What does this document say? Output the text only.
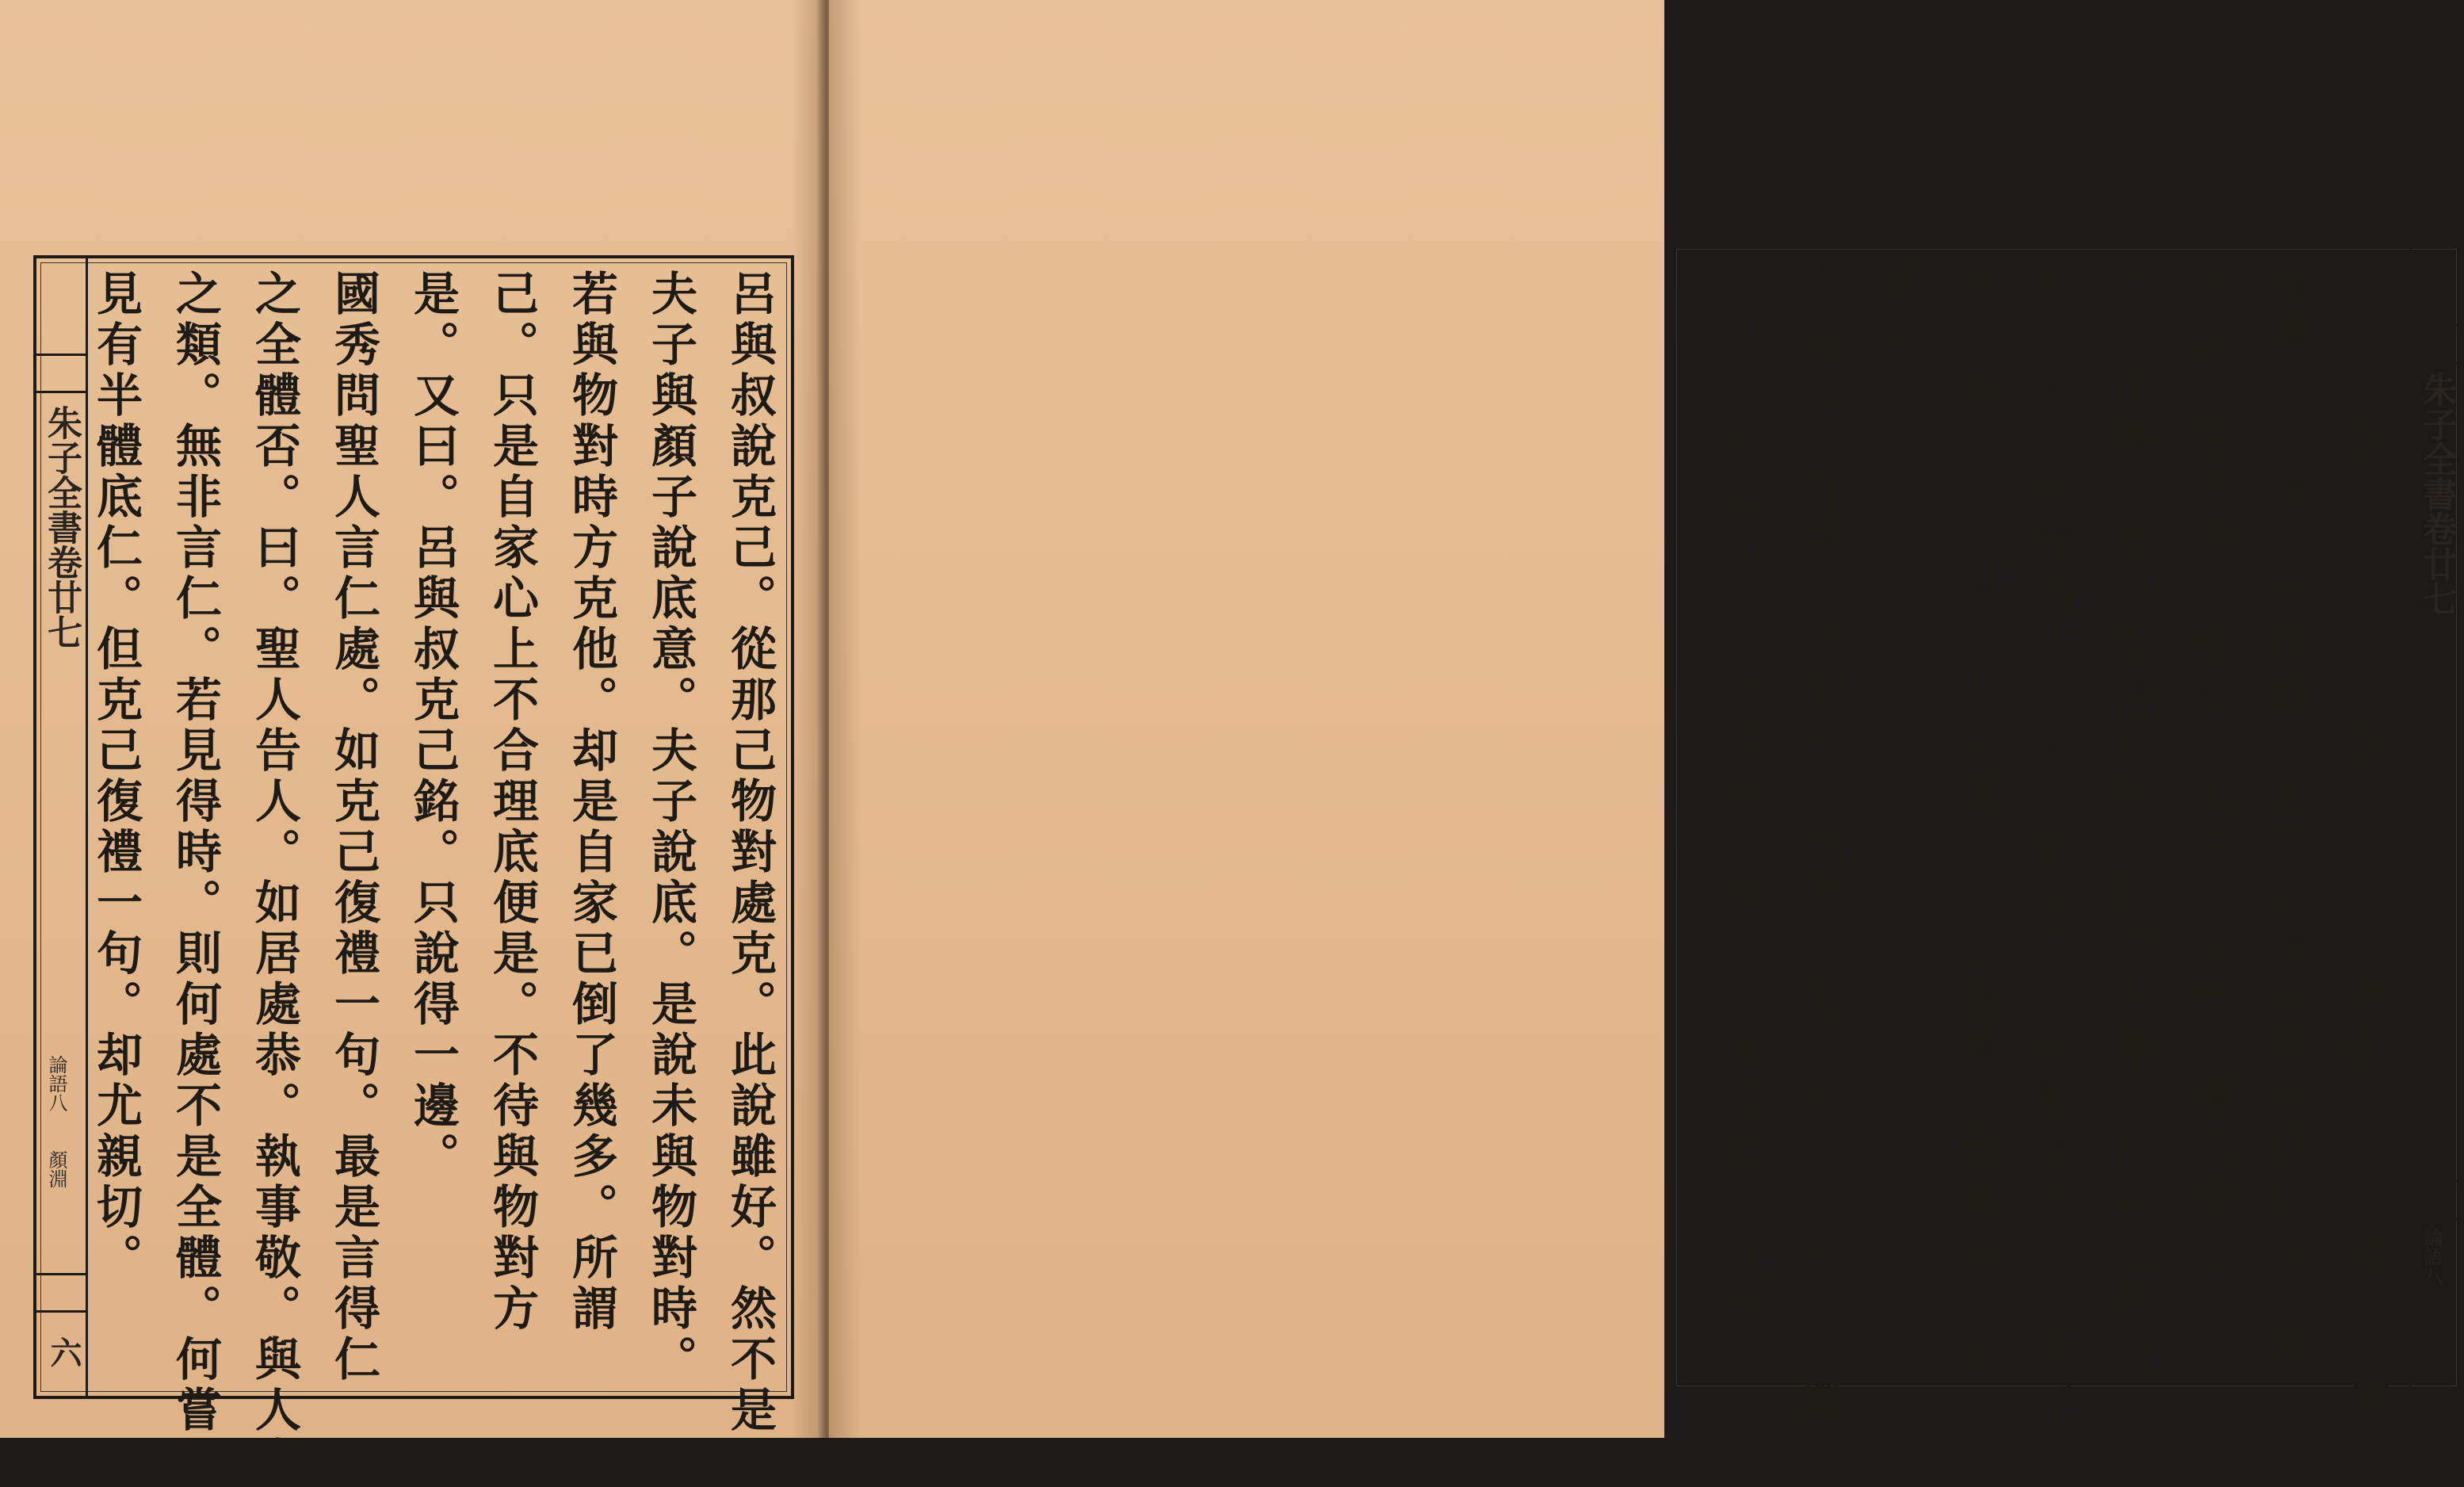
朱子全書卷廿七
論語八
顏淵
六	呂與叔說克己。從那己物對處克。此說雖好。然不是
夫子與顏子說底意。夫子說底。是說未與物對時。
若與物對時方克他。却是自家已倒了幾多。所謂
己。只是自家心上不合理底便是。不待與物對方
是。又曰。呂與叔克己銘。只說得一邊。
國秀問聖人言仁處。如克己復禮一句。最是言得仁
之全體否。曰。聖人告人。如居處恭。執事敬。與人忠
之類。無非言仁。若見得時。則何處不是全體。何嘗
見有半體底仁。但克己復禮一句。却尤親切。	朱子全書卷廿七
論語八
君臣。為父子。父子為君臣。一齊亂了。吾儒克己便
復禮。見得工夫精細。聖人說得來本末精粗具。舉
下面四箇勿字。便是克與復工夫皆以禮為準也。
克己復禮。便是捉得病根。對證下藥。仲弓主敬行
恕。是且涵養將去。是非猶未定。涵養得到。一步又
進一步。方添得許多見識。克己復禮。便剛決克除
將去。
因論克己復禮。洽歎曰。為學之艱。未有如私欲之難
克也。先生曰。有奈他不何時。有與他做一片時。
